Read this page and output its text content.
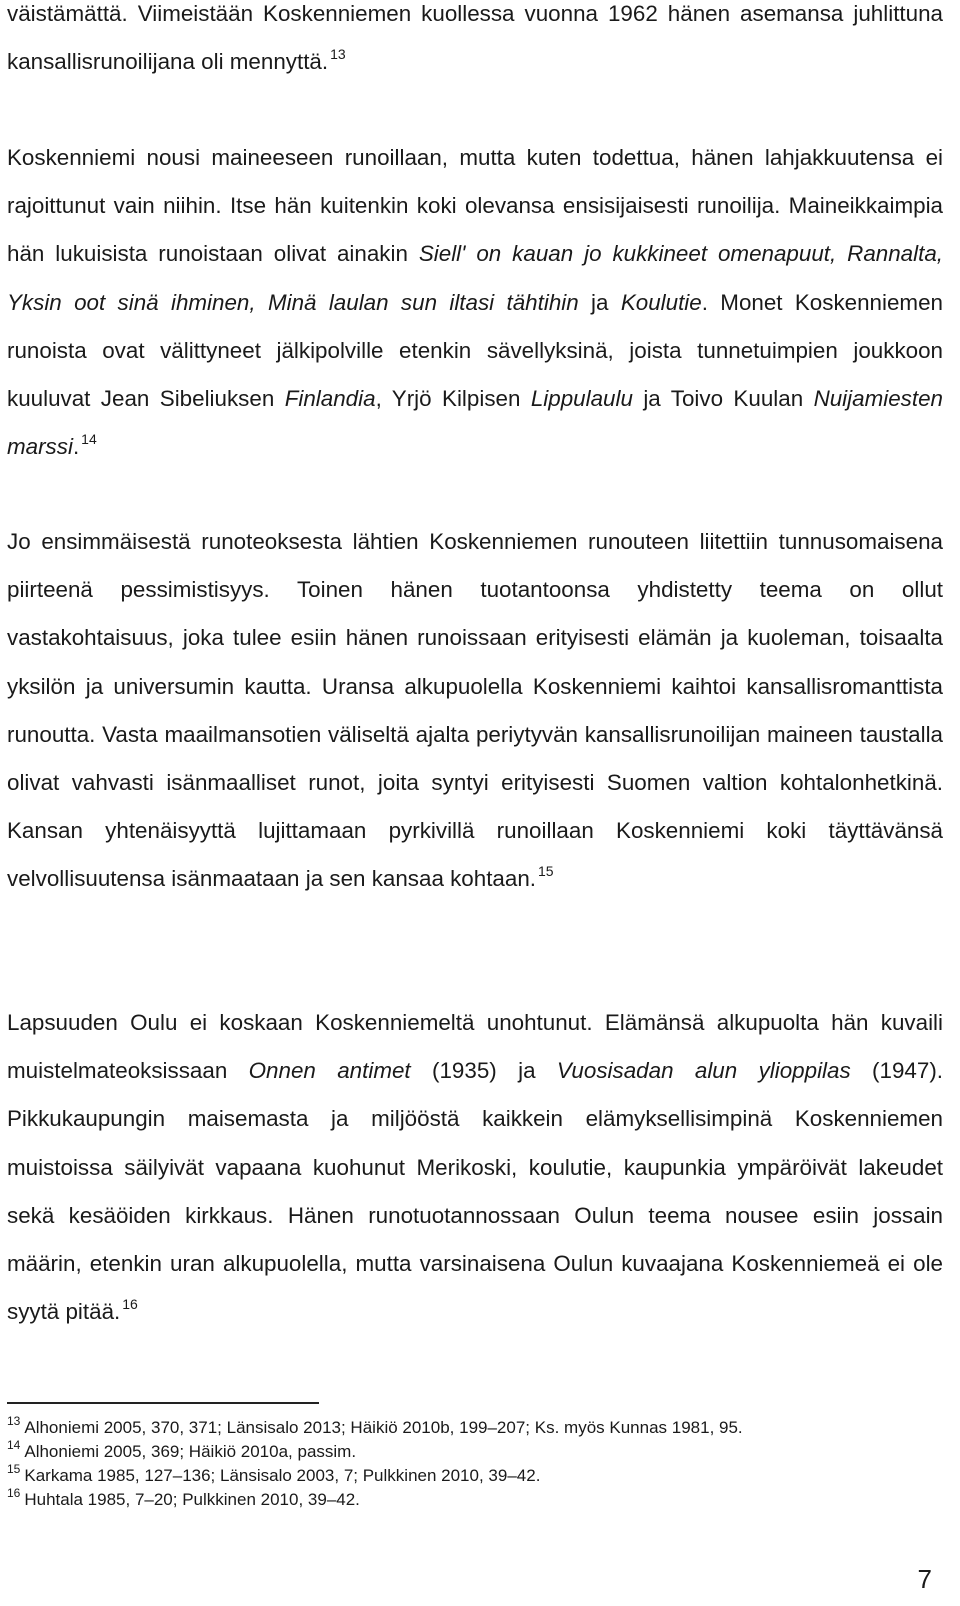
väistämättä. Viimeistään Koskenniemen kuollessa vuonna 1962 hänen asemansa juhlittuna kansallisrunoilijana oli mennyttä. $^{13}$

Koskenniemi nousi maineeseen runoillaan, mutta kuten todettua, hänen lahjakkuutensa ei rajoittunut vain niihin. Itse hän kuitenkin koki olevansa ensisijaisesti runoilija. Maineikkaimpia hän lukuisista runoistaan olivat ainakin Siell' on kauan jo kukkineet omenapuut, Rannalta, Yksin oot sinä ihminen, Minä laulan sun iltasi tähtihin ja Koulutie. Monet Koskenniemen runoista ovat välittyneet jälkipolville etenkin sävellyksinä, joista tunnetuimpien joukkoon kuuluvat Jean Sibeliuksen Finlandia, Yrjö Kilpisen Lippulaulu ja Toivo Kuulan Nuijamiesten marssi. $^{14}$

Jo ensimmäisestä runoteoksesta lähtien Koskenniemen runouteen liitettiin tunnusomaisena piirteenä pessimistisyys. Toinen hänen tuotantoonsa yhdistetty teema on ollut vastakohtaisuus, joka tulee esiin hänen runoissaan erityisesti elämän ja kuoleman, toisaalta yksilön ja universumin kautta. Uransa alkupuolella Koskenniemi kaihtoi kansallisromanttista runoutta. Vasta maailmansotien väliseltä ajalta periytyvän kansallisrunoilijan maineen taustalla olivat vahvasti isänmaalliset runot, joita syntyi erityisesti Suomen valtion kohtalonhetkinä. Kansan yhtenäisyyttä lujittamaan pyrkivillä runoillaan Koskenniemi koki täyttävänsä velvollisuutensa isänmaataan ja sen kansaa kohtaan. $^{15}$

Lapsuuden Oulu ei koskaan Koskenniemeltä unohtunut. Elämänsä alkupuolta hän kuvaili muistelmateoksissaan Onnen antimet (1935) ja Vuosisadan alun ylioppilas (1947). Pikkukaupungin maisemasta ja miljööstä kaikkein elämyksellisimpinä Koskenniemen muistoissa säilyivät vapaana kuohunut Merikoski, koulutie, kaupunkia ympäröivät lakeudet sekä kesäöiden kirkkaus. Hänen runotuotannossaan Oulun teema nousee esiin jossain määrin, etenkin uran alkupuolella, mutta varsinaisena Oulun kuvaajana Koskenniemeä ei ole syytä pitää. $^{16}$

$^{13}$ Alhoniemi 2005, 370, 371; Länsisalo 2013; Häikiö 2010b, 199–207; Ks. myös Kunnas 1981, 95.
$^{14}$ Alhoniemi 2005, 369; Häikiö 2010a, passim.
$^{15}$ Karkama 1985, 127–136; Länsisalo 2003, 7; Pulkkinen 2010, 39–42.
$^{16}$ Huhtala 1985, 7–20; Pulkkinen 2010, 39–42.
7
